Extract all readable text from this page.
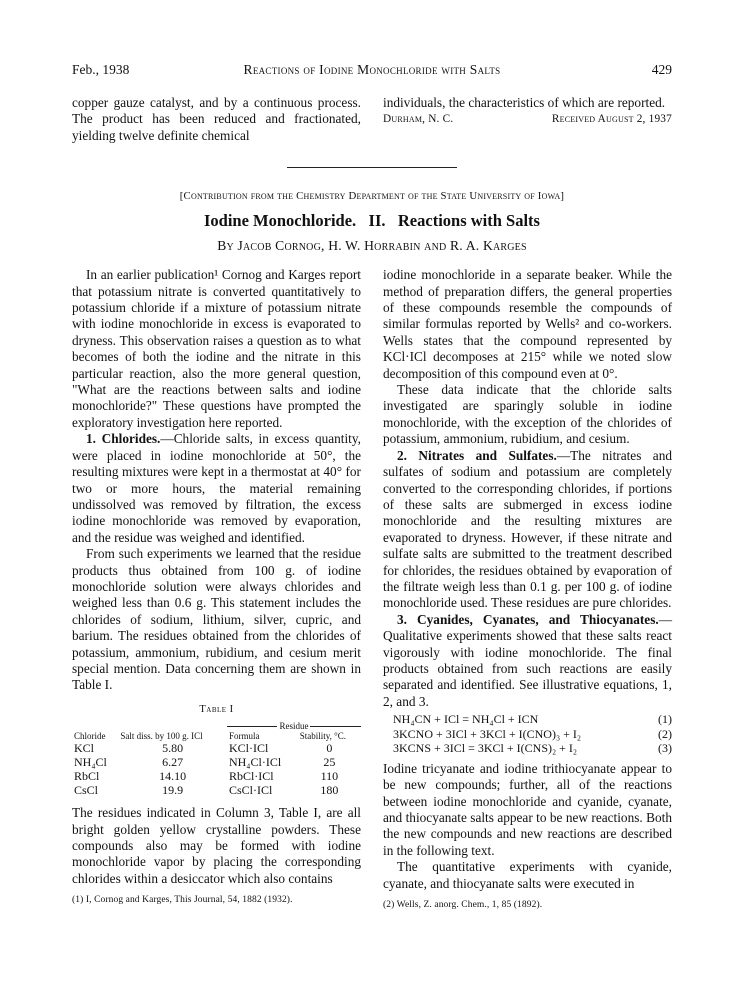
Feb., 1938	Reactions of Iodine Monochloride with Salts	429

copper gauze catalyst, and by a continuous process. The product has been reduced and fractionated, yielding twelve definite chemical

individuals, the characteristics of which are reported.

Durham, N. C.	Received August 2, 1937
[Contribution from the Chemistry Department of the State University of Iowa]
Iodine Monochloride.   II.   Reactions with Salts
By Jacob Cornog, H. W. Horrabin and R. A. Karges

In an earlier publication¹ Cornog and Karges report that potassium nitrate is converted quantitatively to potassium chloride if a mixture of potassium nitrate with iodine monochloride in excess is evaporated to dryness. This observation raises a question as to what becomes of both the iodine and the nitrate in this particular reaction, also the more general question, "What are the reactions between salts and iodine monochloride?" These questions have prompted the exploratory investigation here reported.

1. Chlorides.—Chloride salts, in excess quantity, were placed in iodine monochloride at 50°, the resulting mixtures were kept in a thermostat at 40° for two or more hours, the material remaining undissolved was removed by filtration, the excess iodine monochloride was removed by evaporation, and the residue was weighed and identified.

From such experiments we learned that the residue products thus obtained from 100 g. of iodine monochloride solution were always chlorides and weighed less than 0.6 g. This statement includes the chlorides of sodium, lithium, silver, cupric, and barium. The residues obtained from the chlorides of potassium, ammonium, rubidium, and cesium merit special mention. Data concerning them are shown in Table I.

Table I
		Residue	
Chloride	Salt diss. by 100 g. ICl	Formula	Stability, °C.
KCl	5.80	KCl·ICl	0
NH₄Cl	6.27	NH₄Cl·ICl	25
RbCl	14.10	RbCl·ICl	110
CsCl	19.9	CsCl·ICl	180

The residues indicated in Column 3, Table I, are all bright golden yellow crystalline powders. These compounds also may be formed with iodine monochloride vapor by placing the corresponding chlorides within a desiccator which also contains

(1) I, Cornog and Karges, This Journal, 54, 1882 (1932).

iodine monochloride in a separate beaker. While the method of preparation differs, the general properties of these compounds resemble the compounds of similar formulas reported by Wells² and co-workers. Wells states that the compound represented by KCl·ICl decomposes at 215° while we noted slow decomposition of this compound even at 0°.

These data indicate that the chloride salts investigated are sparingly soluble in iodine monochloride, with the exception of the chlorides of potassium, ammonium, rubidium, and cesium.

2. Nitrates and Sulfates.—The nitrates and sulfates of sodium and potassium are completely converted to the corresponding chlorides, if portions of these salts are submerged in excess iodine monochloride and the resulting mixtures are evaporated to dryness. However, if these nitrate and sulfate salts are submitted to the treatment described for chlorides, the residues obtained by evaporation of the filtrate weigh less than 0.1 g. per 100 g. of iodine monochloride used. These residues are pure chlorides.

3. Cyanides, Cyanates, and Thiocyanates.—Qualitative experiments showed that these salts react vigorously with iodine monochloride. The final products obtained from such reactions are easily separated and identified. See illustrative equations, 1, 2, and 3.

NH₄CN + ICl = NH₄Cl + ICN	(1)
3KCNO + 3ICl + 3KCl + I(CNO)₃ + I₂	(2)
3KCNS + 3ICl = 3KCl + I(CNS)₂ + I₂	(3)

Iodine tricyanate and iodine trithiocyanate appear to be new compounds; further, all of the reactions between iodine monochloride and cyanide, cyanate, and thiocyanate salts appear to be new reactions. Both the new compounds and new reactions are described in the following text.

The quantitative experiments with cyanide, cyanate, and thiocyanate salts were executed in

(2) Wells, Z. anorg. Chem., 1, 85 (1892).
